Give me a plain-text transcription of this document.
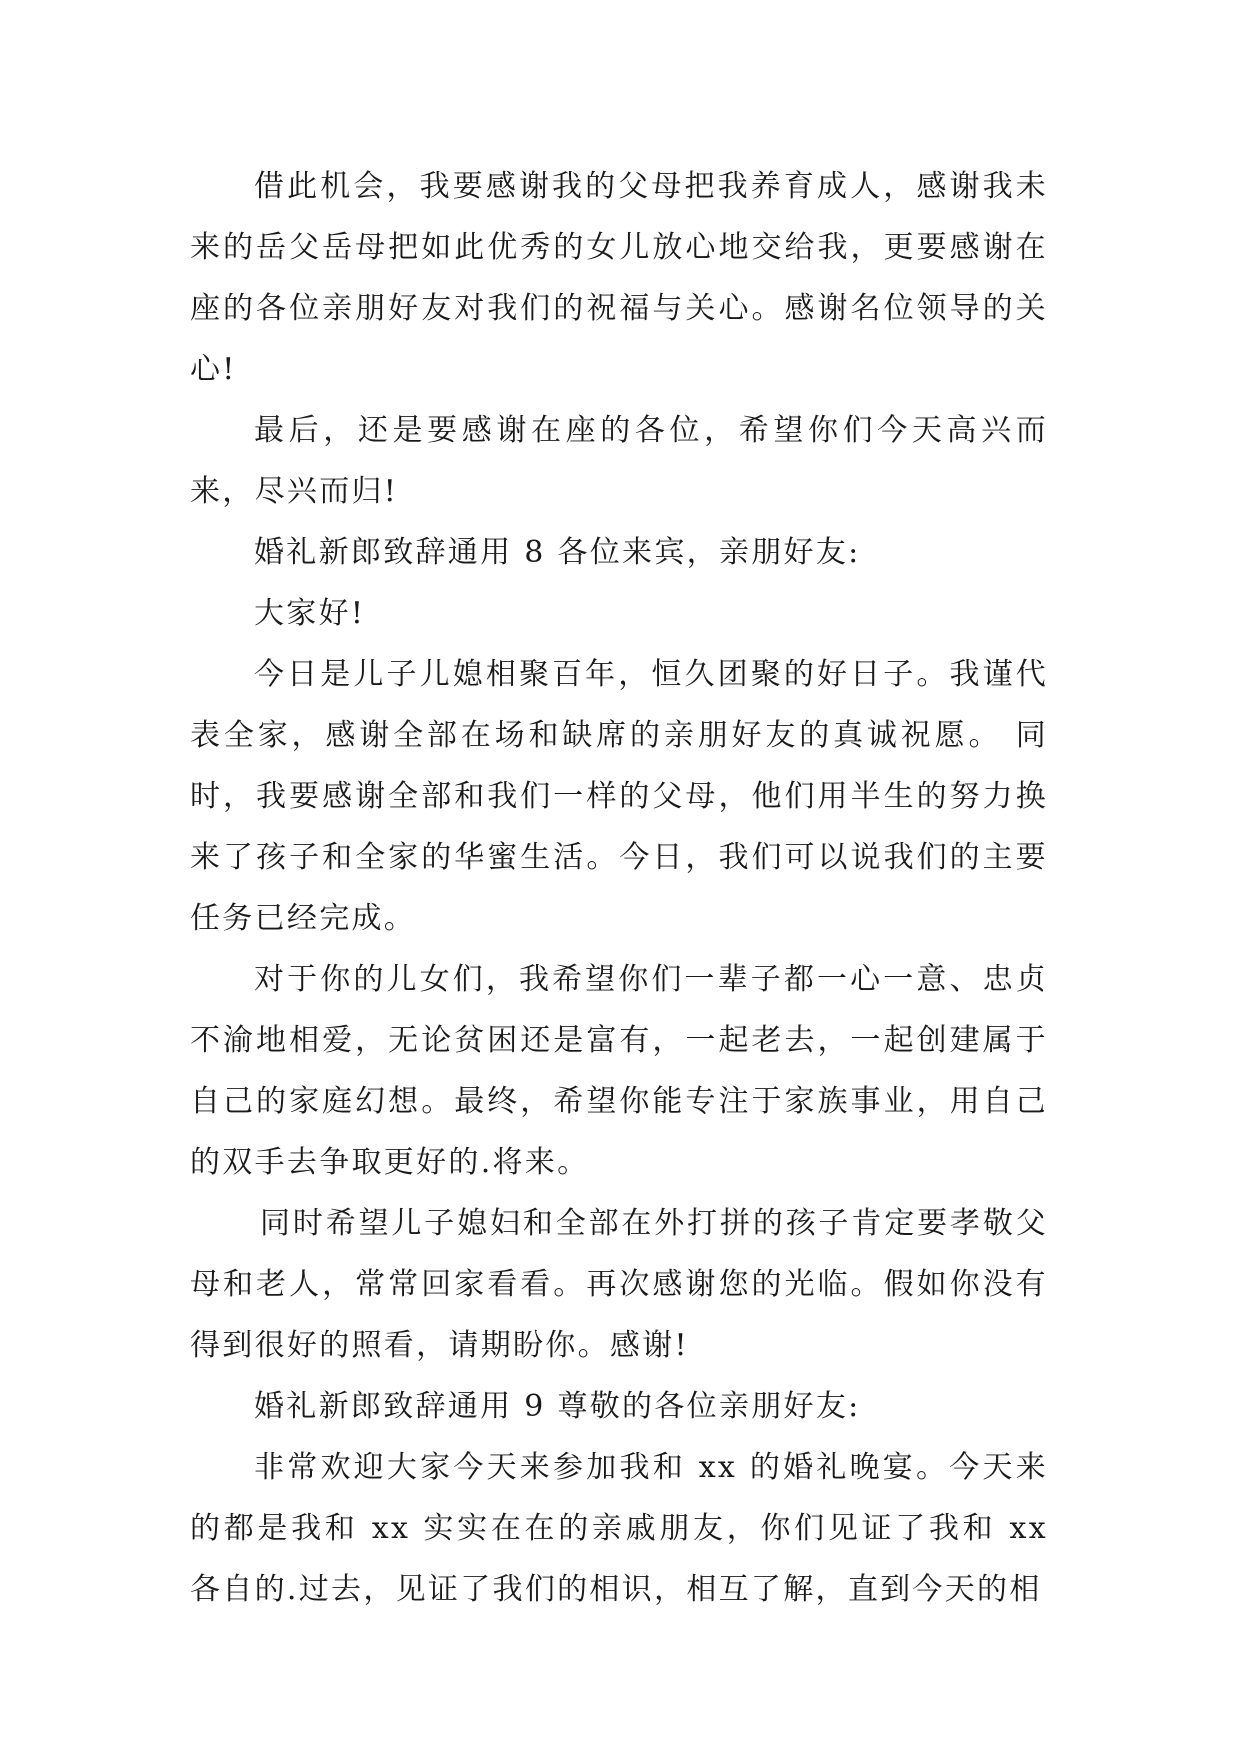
借此机会，我要感谢我的父母把我养育成人，感谢我未来的岳父岳母把如此优秀的女儿放心地交给我，更要感谢在座的各位亲朋好友对我们的祝福与关心。感谢名位领导的关心!

最后，还是要感谢在座的各位，希望你们今天高兴而来，尽兴而归!

婚礼新郎致辞通用 8 各位来宾，亲朋好友:

大家好!

今日是儿子儿媳相聚百年，恒久团聚的好日子。我谨代表全家，感谢全部在场和缺席的亲朋好友的真诚祝愿。 同时，我要感谢全部和我们一样的父母，他们用半生的努力换来了孩子和全家的华蜜生活。今日，我们可以说我们的主要任务已经完成。

对于你的儿女们，我希望你们一辈子都一心一意、忠贞不渝地相爱，无论贫困还是富有，一起老去，一起创建属于自己的家庭幻想。最终，希望你能专注于家族事业，用自己的双手去争取更好的.将来。

同时希望儿子媳妇和全部在外打拼的孩子肯定要孝敬父母和老人，常常回家看看。再次感谢您的光临。假如你没有得到很好的照看，请期盼你。感谢!

婚礼新郎致辞通用 9 尊敬的各位亲朋好友:

非常欢迎大家今天来参加我和 xx 的婚礼晚宴。今天来的都是我和 xx 实实在在的亲戚朋友，你们见证了我和 xx 各自的.过去，见证了我们的相识，相互了解，直到今天的相
